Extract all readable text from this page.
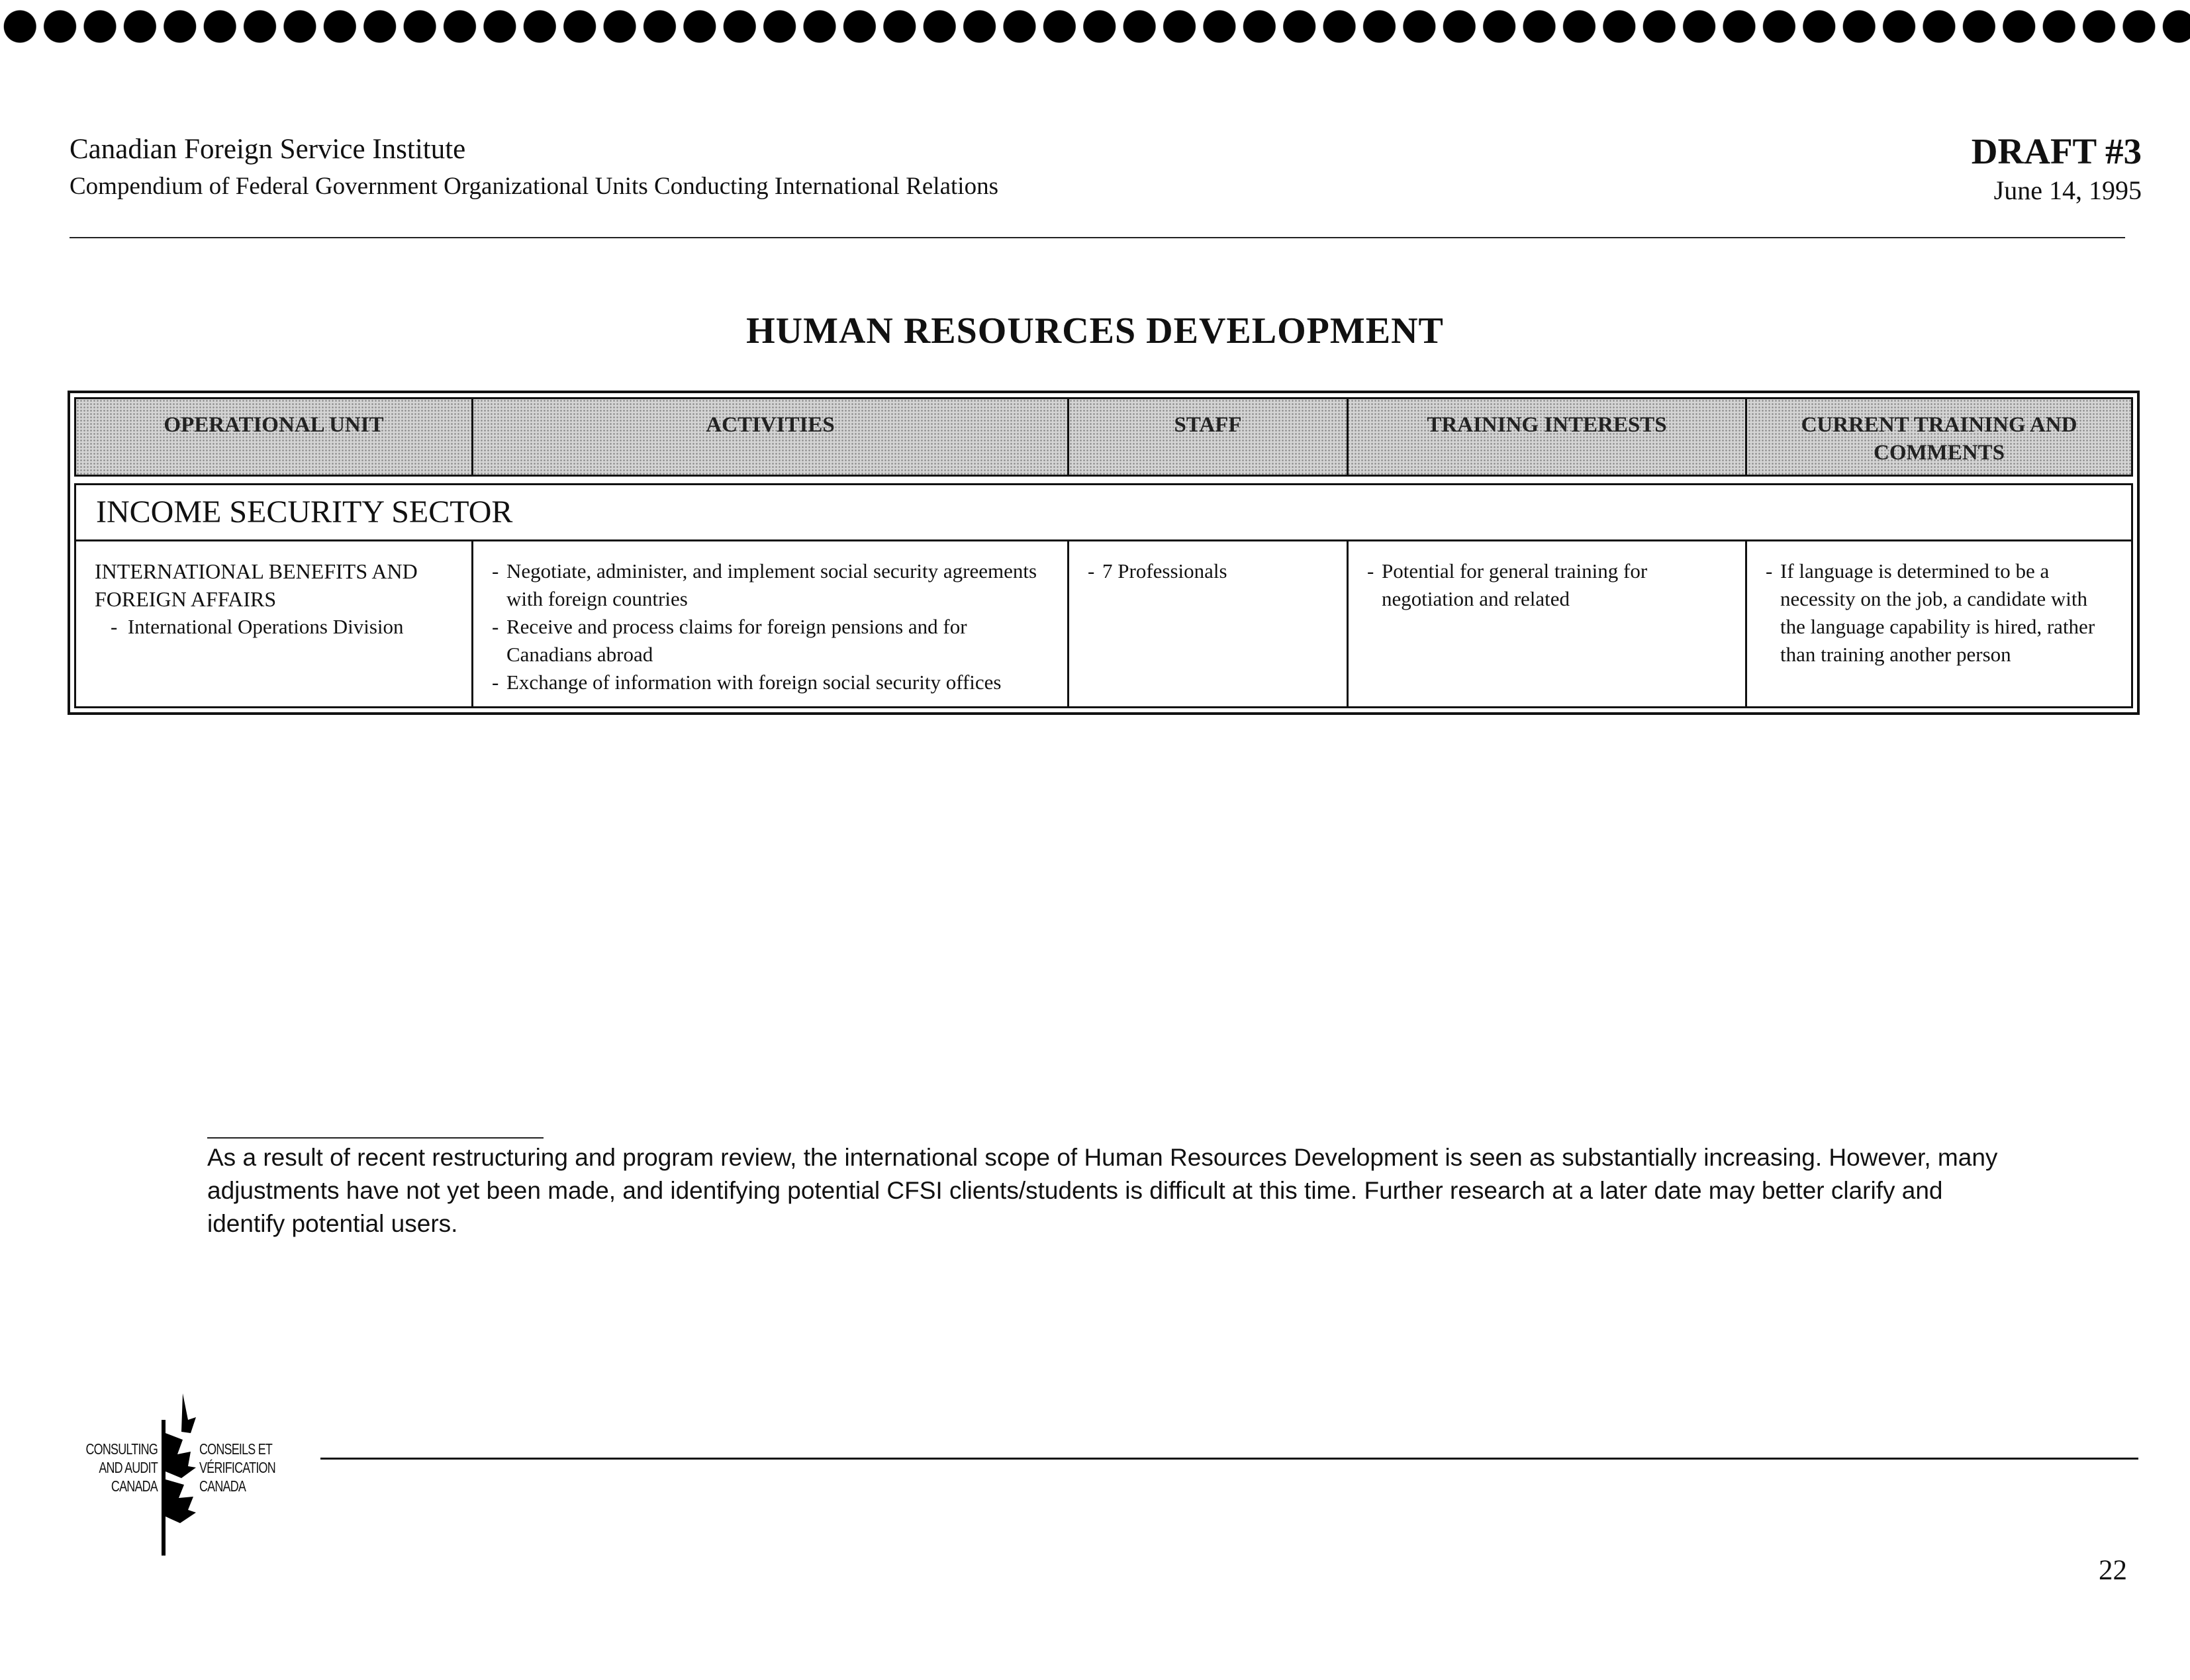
Canadian Foreign Service Institute
Compendium of Federal Government Organizational Units Conducting International Relations
DRAFT #3
June 14, 1995
HUMAN RESOURCES DEVELOPMENT
OPERATIONAL UNIT	ACTIVITIES	STAFF	TRAINING INTERESTS	CURRENT TRAINING AND COMMENTS
INCOME SECURITY SECTOR
INTERNATIONAL BENEFITS AND FOREIGN AFFAIRS
-  International Operations Division
- Negotiate, administer, and implement social security agreements with foreign countries
- Receive and process claims for foreign pensions and for Canadians abroad
- Exchange of information with foreign social security offices
- 7 Professionals
-	Potential for general training for negotiation and related
- If language is determined to be a necessity on the job, a candidate with the language capability is hired, rather than training another person
As a result of recent restructuring and program review, the international scope of Human Resources Development is seen as substantially increasing. However, many adjustments have not yet been made, and identifying potential CFSI clients/students is difficult at this time. Further research at a later date may better clarify and identify potential users.
CONSULTING
AND AUDIT
CANADA
CONSEILS ET
VÉRIFICATION
CANADA
22
